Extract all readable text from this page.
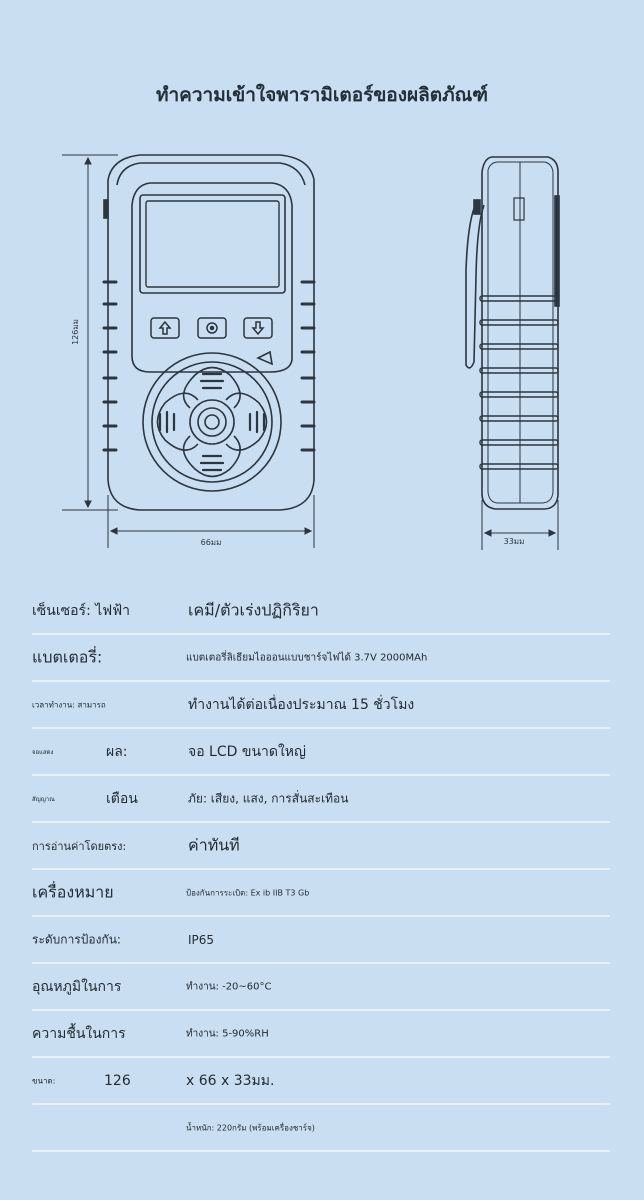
ทำความเข้าใจพารามิเตอร์ของผลิตภัณฑ์
126มม
66มม	33มม
เซ็นเซอร์: ไฟฟ้า	เคมี/ตัวเร่งปฏิกิริยา
แบตเตอรี่:	แบตเตอรี่ลิเธียมไอออนแบบชาร์จไฟได้ 3.7V 2000MAh
เวลาทำงาน: สามารถ	ทำงานได้ต่อเนื่องประมาณ 15 ชั่วโมง
จอแสดง	ผล:	จอ LCD ขนาดใหญ่
สัญญาณ	เตือน	ภัย: เสียง, แสง, การสั่นสะเทือน
การอ่านค่าโดยตรง:	ค่าทันที
เครื่องหมาย	ป้องกันการระเบิด: Ex ib IIB T3 Gb
ระดับการป้องกัน:	IP65
อุณหภูมิในการ	ทำงาน: -20~60°C
ความชื้นในการ	ทำงาน: 5-90%RH
ขนาด:	126	x 66 x 33มม.
น้ำหนัก: 220กรัม (พร้อมเครื่องชาร์จ)
